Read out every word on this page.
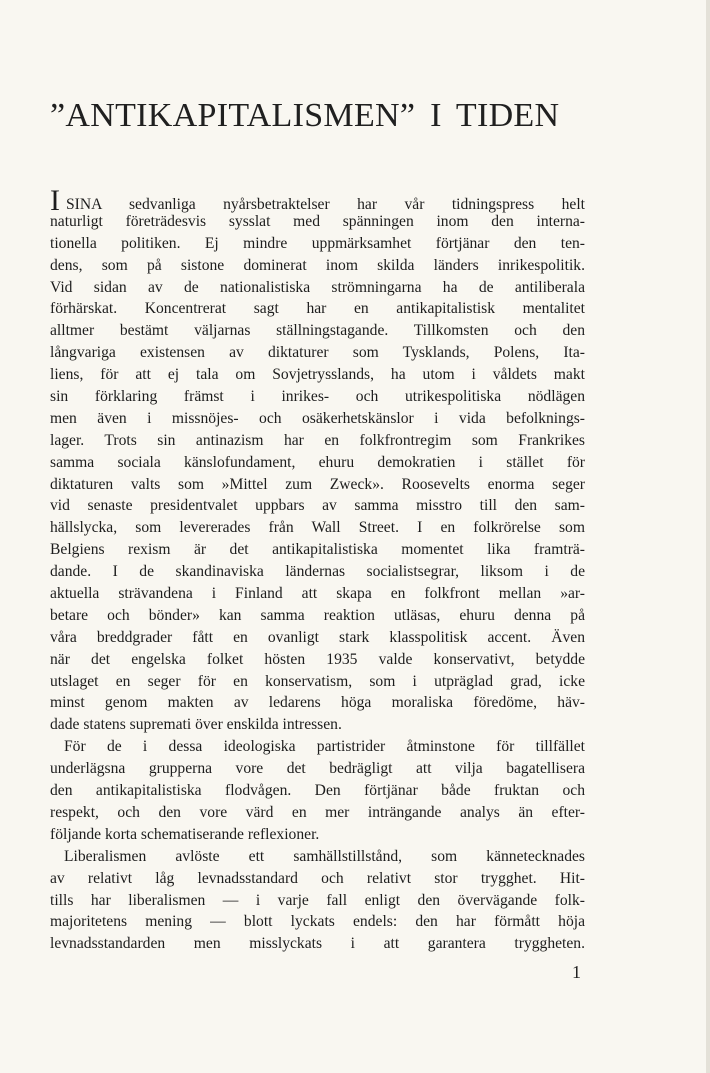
”ANTIKAPITALISMEN” I TIDEN
ISINA sedvanliga nyårsbetraktelser har vår tidningspress helt
naturligt företrädesvis sysslat med spänningen inom den interna-
tionella politiken. Ej mindre uppmärksamhet förtjänar den ten-
dens, som på sistone dominerat inom skilda länders inrikespolitik.
Vid sidan av de nationalistiska strömningarna ha de antiliberala
förhärskat. Koncentrerat sagt har en antikapitalistisk mentalitet
alltmer bestämt väljarnas ställningstagande. Tillkomsten och den
långvariga existensen av diktaturer som Tysklands, Polens, Ita-
liens, för att ej tala om Sovjetrysslands, ha utom i våldets makt
sin förklaring främst i inrikes- och utrikespolitiska nödlägen
men även i missnöjes- och osäkerhetskänslor i vida befolknings-
lager. Trots sin antinazism har en folkfrontregim som Frankrikes
samma sociala känslofundament, ehuru demokratien i stället för
diktaturen valts som »Mittel zum Zweck». Roosevelts enorma seger
vid senaste presidentvalet uppbars av samma misstro till den sam-
hällslycka, som levererades från Wall Street. I en folkrörelse som
Belgiens rexism är det antikapitalistiska momentet lika framträ-
dande. I de skandinaviska ländernas socialistsegrar, liksom i de
aktuella strävandena i Finland att skapa en folkfront mellan »ar-
betare och bönder» kan samma reaktion utläsas, ehuru denna på
våra breddgrader fått en ovanligt stark klasspolitisk accent. Även
när det engelska folket hösten 1935 valde konservativt, betydde
utslaget en seger för en konservatism, som i utpräglad grad, icke
minst genom makten av ledarens höga moraliska föredöme, häv-
dade statens suprematі över enskilda intressen.
För de i dessa ideologiska partistrider åtminstone för tillfället
underlägsna grupperna vore det bedrägligt att vilja bagatellisera
den antikapitalistiska flodvågen. Den förtjänar både fruktan och
respekt, och den vore värd en mer inträngande analys än efter-
följande korta schematiserande reflexioner.
Liberalismen avlöste ett samhällstillstånd, som kännetecknades
av relativt låg levnadsstandard och relativt stor trygghet. Hit-
tills har liberalismen — i varje fall enligt den övervägande folk-
majoritetens mening — blott lyckats endels: den har förmått höja
levnadsstandarden men misslyckats i att garantera tryggheten.
1
